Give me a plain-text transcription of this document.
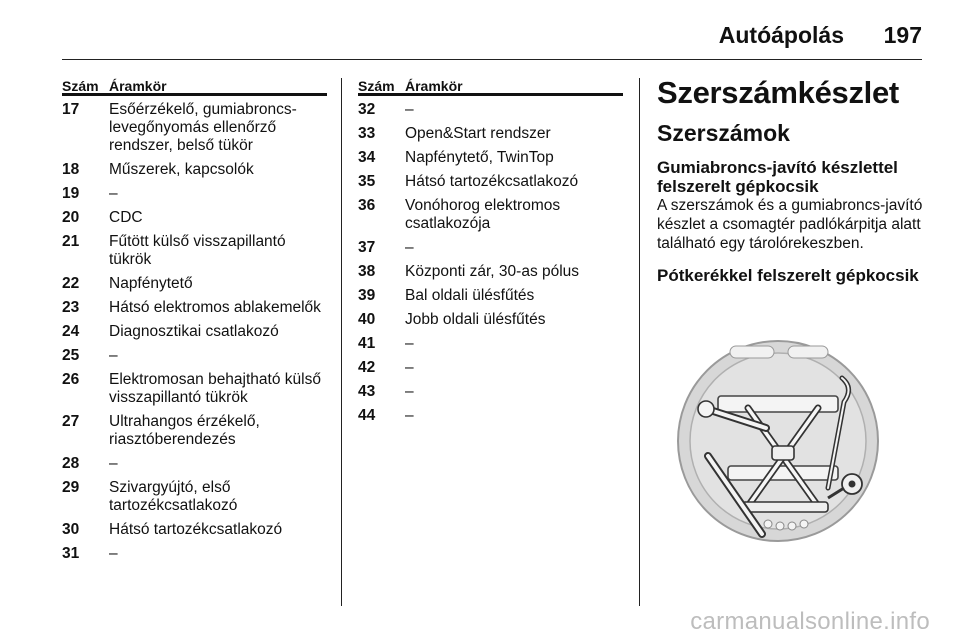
Autóápolás 197
Szám Áramkör
17	Esőérzékelő, gumiabroncs-levegőnyomás ellenőrző rendszer, belső tükör
18	Műszerek, kapcsolók
19	–
20	CDC
21	Fűtött külső visszapillantó tükrök
22	Napfénytető
23	Hátsó elektromos ablakemelők
24	Diagnosztikai csatlakozó
25	–
26	Elektromosan behajtható külső visszapillantó tükrök
27	Ultrahangos érzékelő, riasztóberendezés
28	–
29	Szivargyújtó, első tartozékcsatlakozó
30	Hátsó tartozékcsatlakozó
31	–
Szám Áramkör
32	–
33	Open&Start rendszer
34	Napfénytető, TwinTop
35	Hátsó tartozékcsatlakozó
36	Vonóhorog elektromos csatlakozója
37	–
38	Központi zár, 30-as pólus
39	Bal oldali ülésfűtés
40	Jobb oldali ülésfűtés
41	–
42	–
43	–
44	–
Szerszámkészlet
Szerszámok
Gumiabroncs-javító készlettel felszerelt gépkocsik

A szerszámok és a gumiabroncs-javító készlet a csomagtér padlókárpitja alatt található egy tárolórekeszben.

Pótkerékkel felszerelt gépkocsik
carmanualsonline.info
